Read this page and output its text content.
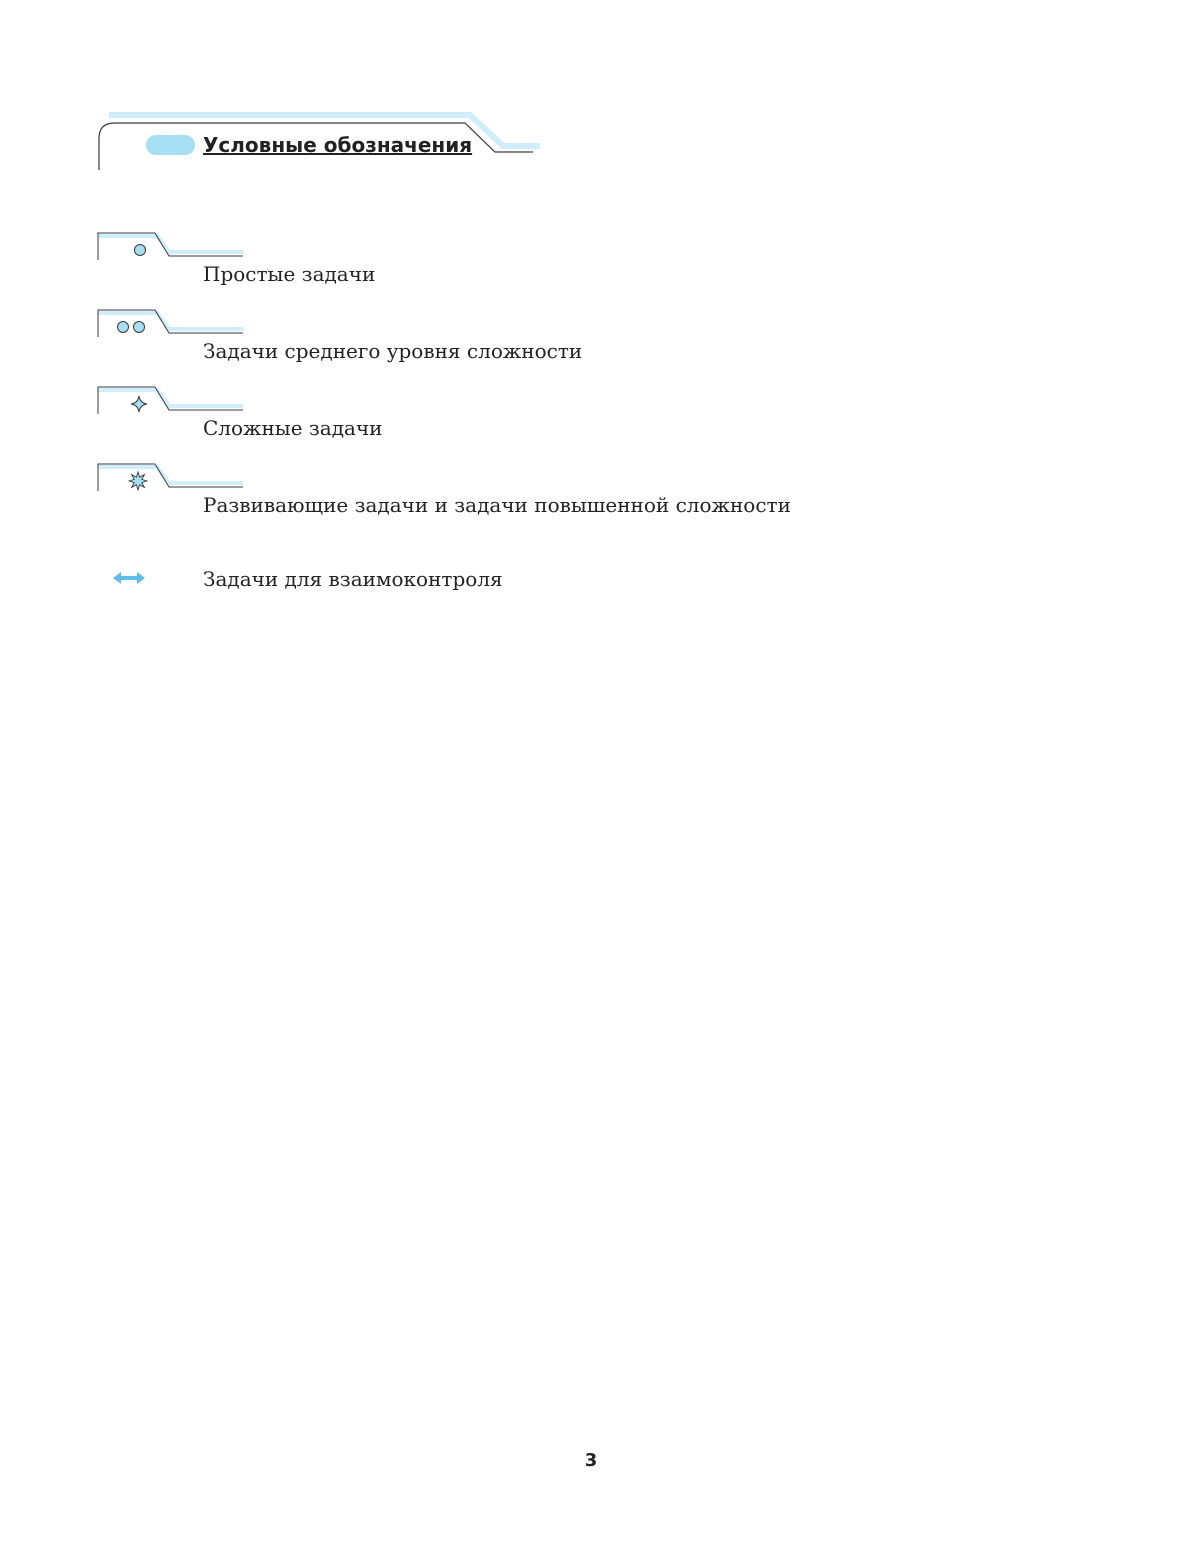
Условные обозначения
Простые задачи
Задачи среднего уровня сложности
Сложные задачи
Развивающие задачи и задачи повышенной сложности
Задачи для взаимоконтроля
3
